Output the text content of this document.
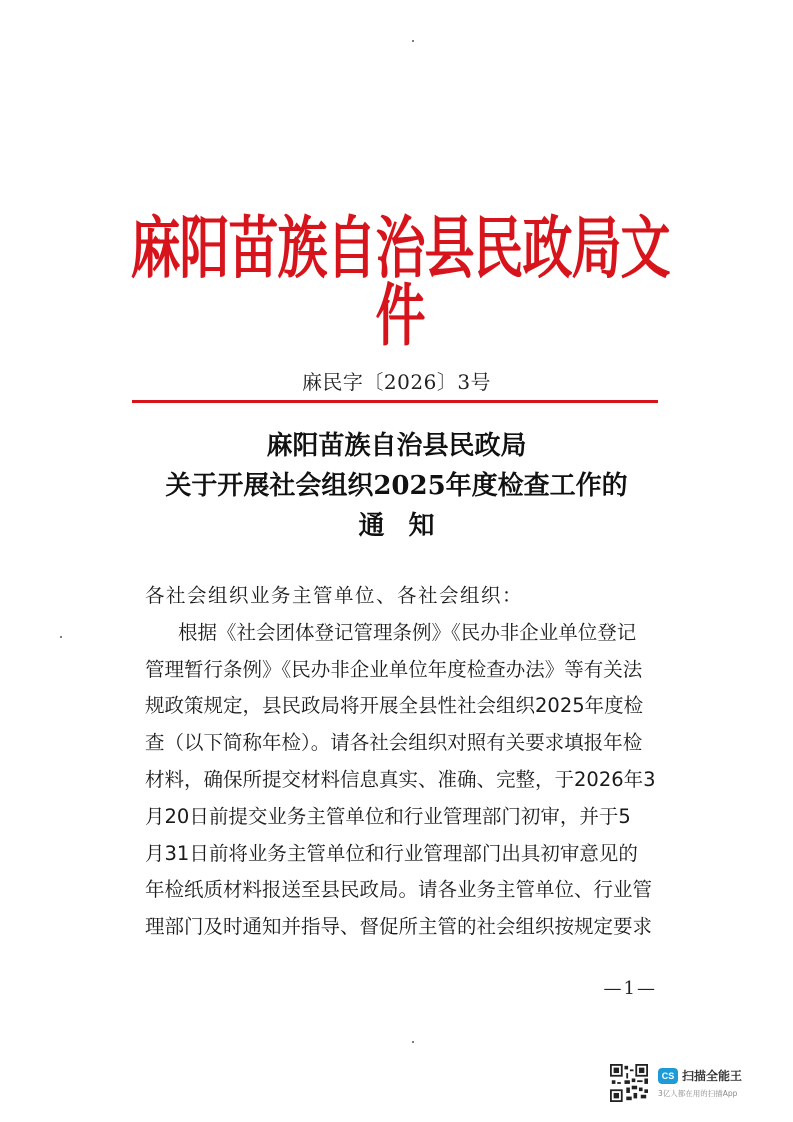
麻阳苗族自治县民政局文件
麻民字〔2026〕3号
麻阳苗族自治县民政局
关于开展社会组织2025年度检查工作的
通知
各社会组织业务主管单位、各社会组织：
根据《社会团体登记管理条例》《民办非企业单位登记
管理暂行条例》《民办非企业单位年度检查办法》等有关法
规政策规定，县民政局将开展全县性社会组织2025年度检
查（以下简称年检）。请各社会组织对照有关要求填报年检
材料，确保所提交材料信息真实、准确、完整，于2026年3
月20日前提交业务主管单位和行业管理部门初审，并于5
月31日前将业务主管单位和行业管理部门出具初审意见的
年检纸质材料报送至县民政局。请各业务主管单位、行业管
理部门及时通知并指导、督促所主管的社会组织按规定要求
—1—
CS 扫描全能王
3亿人都在用的扫描App
